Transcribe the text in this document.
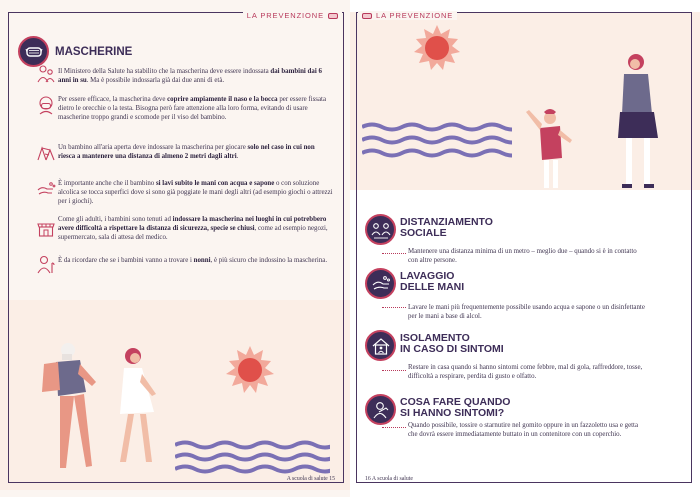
LA PREVENZIONE
MASCHERINE

Il Ministero della Salute ha stabilito che la mascherina deve essere indossata dai bambini dai 6 anni in su. Ma è possibile indossarla già dai due anni di età.

Per essere efficace, la mascherina deve coprire ampiamente il naso e la bocca per essere fissata dietro le orecchie o la testa. Bisogna però fare attenzione alla loro forma, evitando di usare mascherine troppo grandi e scomode per il viso del bambino.

Un bambino all'aria aperta deve indossare la mascherina per giocare solo nel caso in cui non riesca a mantenere una distanza di almeno 2 metri dagli altri.

È importante anche che il bambino si lavi subito le mani con acqua e sapone o con soluzione alcolica se tocca superfici dove si sono già poggiate le mani degli altri (ad esempio giochi o attrezzi per i giochi).

Come gli adulti, i bambini sono tenuti ad indossare la mascherina nei luoghi in cui potrebbero avere difficoltà a rispettare la distanza di sicurezza, specie se chiusi, come ad esempio negozi, supermercato, sala di attesa del medico.

È da ricordare che se i bambini vanno a trovare i nonni, è più sicuro che indossino la mascherina.

A scuola di salute 15
LA PREVENZIONE
DISTANZIAMENTO
SOCIALE
Mantenere una distanza minima di un metro – meglio due – quando si è in contatto con altre persone.
LAVAGGIO
DELLE MANI
Lavare le mani più frequentemente possibile usando acqua e sapone o un disinfettante per le mani a base di alcol.
ISOLAMENTO
IN CASO DI SINTOMI
Restare in casa quando si hanno sintomi come febbre, mal di gola, raffreddore, tosse, difficoltà a respirare, perdita di gusto e olfatto.
COSA FARE QUANDO
SI HANNO SINTOMI?
Quando possibile, tossire o starnutire nel gomito oppure in un fazzoletto usa e getta che dovrà essere immediatamente buttato in un contenitore con un coperchio.
16 A scuola di salute
